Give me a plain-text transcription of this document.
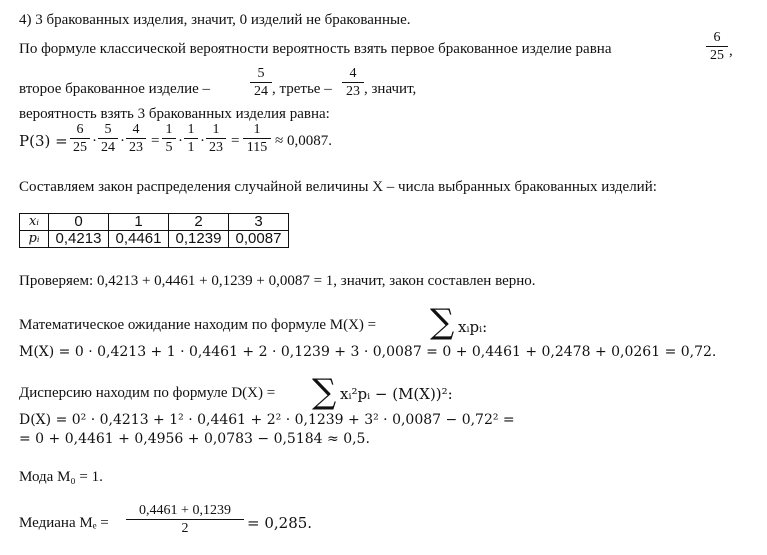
4) 3 бракованных изделия, значит, 0 изделий не бракованные.
По формуле классической вероятности вероятность взять первое бракованное изделие равна
6
25 ,
второе бракованное изделие –
5
24 , третье –
4
23 , значит,
вероятность взять 3 бракованных изделия равна:
P(3) =
6
25 ·
5
24 ·
4
23 =
1
5 ·
1
1 ·
1
23 =
1
115 ≈ 0,0087.
Составляем закон распределения случайной величины X – числа выбранных бракованных изделий:
xᵢ	0	1	2	3
pᵢ	0,4213	0,4461	0,1239	0,0087
Проверяем: 0,4213 + 0,4461 + 0,1239 + 0,0087 = 1, значит, закон составлен верно.
Математическое ожидание находим по формуле M(X) = ∑ xᵢpᵢ:
M(X) = 0 · 0,4213 + 1 · 0,4461 + 2 · 0,1239 + 3 · 0,0087 = 0 + 0,4461 + 0,2478 + 0,0261 = 0,72.
Дисперсию находим по формуле D(X) = ∑ xᵢ²pᵢ − (M(X))²:
D(X) = 0² · 0,4213 + 1² · 0,4461 + 2² · 0,1239 + 3² · 0,0087 − 0,72² =
= 0 + 0,4461 + 0,4956 + 0,0783 − 0,5184 ≈ 0,5.
Мода M₀ = 1.
Медиана Mₑ =
0,4461 + 0,1239
2	= 0,285.
